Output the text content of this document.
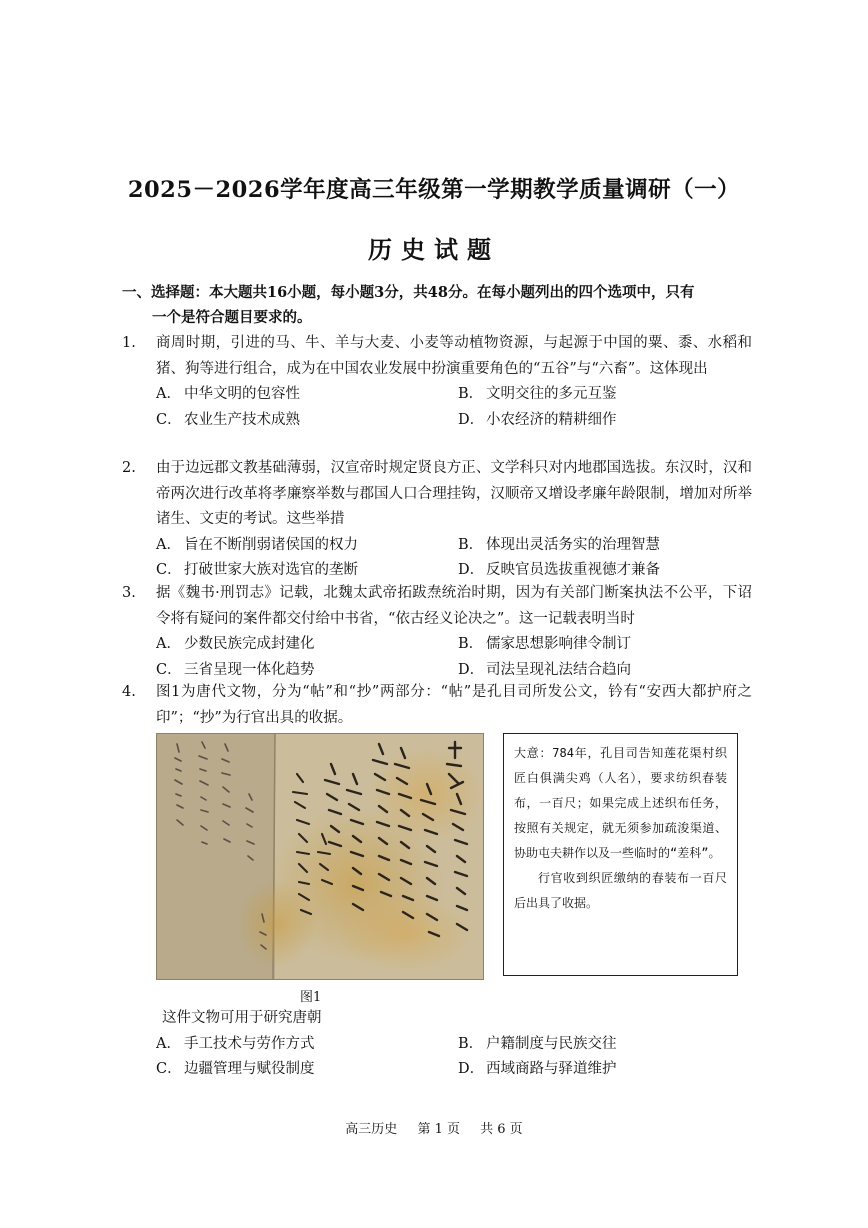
2025－2026学年度高三年级第一学期教学质量调研（一）
历史试题
一、选择题：本大题共16小题，每小题3分，共48分。在每小题列出的四个选项中，只有
一个是符合题目要求的。
1.	商周时期，引进的马、牛、羊与大麦、小麦等动植物资源，与起源于中国的粟、黍、水稻和猪、狗等进行组合，成为在中国农业发展中扮演重要角色的“五谷”与“六畜”。这体现出
A． 中华文明的包容性	B． 文明交往的多元互鉴
C． 农业生产技术成熟	D． 小农经济的精耕细作
2.	由于边远郡文教基础薄弱，汉宣帝时规定贤良方正、文学科只对内地郡国选拔。东汉时，汉和帝两次进行改革将孝廉察举数与郡国人口合理挂钩，汉顺帝又增设孝廉年龄限制，增加对所举诸生、文吏的考试。这些举措
A． 旨在不断削弱诸侯国的权力	B． 体现出灵活务实的治理智慧
C． 打破世家大族对选官的垄断	D． 反映官员选拔重视德才兼备
3.	据《魏书·刑罚志》记载，北魏太武帝拓跋焘统治时期，因为有关部门断案执法不公平，下诏令将有疑问的案件都交付给中书省，“依古经义论决之”。这一记载表明当时
A． 少数民族完成封建化	B． 儒家思想影响律令制订
C． 三省呈现一体化趋势	D． 司法呈现礼法结合趋向
4.	图1为唐代文物，分为“帖”和“抄”两部分：“帖”是孔目司所发公文，钤有“安西大都护府之印”；“抄”为行官出具的收据。
图1

大意：784年，孔目司告知莲花渠村织匠白俱满尖鸡（人名），要求纺织春装布，一百尺；如果完成上述织布任务，按照有关规定，就无须参加疏浚渠道、协助屯夫耕作以及一些临时的“差科”。

行官收到织匠缴纳的春装布一百尺后出具了收据。

这件文物可用于研究唐朝
A． 手工技术与劳作方式	B． 户籍制度与民族交往
C． 边疆管理与赋役制度	D． 西域商路与驿道维护
高三历史 第 1 页 共 6 页
